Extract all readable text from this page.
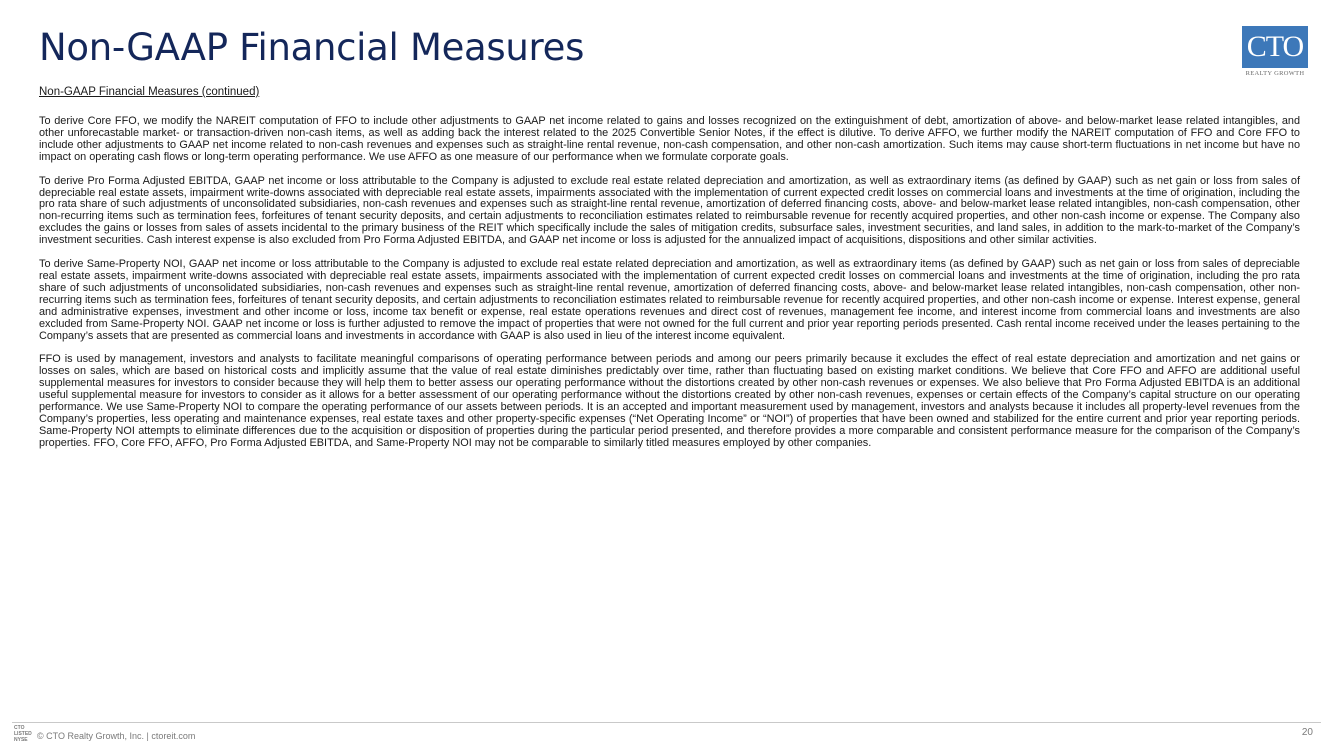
Non-GAAP Financial Measures	CTO
REALTY GROWTH
Non-GAAP Financial Measures (continued)

To derive Core FFO, we modify the NAREIT computation of FFO to include other adjustments to GAAP net income related to gains and losses recognized on the extinguishment of debt, amortization of above- and below-market lease related intangibles, and other unforecastable market- or transaction-driven non-cash items, as well as adding back the interest related to the 2025 Convertible Senior Notes, if the effect is dilutive. To derive AFFO, we further modify the NAREIT computation of FFO and Core FFO to include other adjustments to GAAP net income related to non-cash revenues and expenses such as straight-line rental revenue, non-cash compensation, and other non-cash amortization. Such items may cause short-term fluctuations in net income but have no impact on operating cash flows or long-term operating performance. We use AFFO as one measure of our performance when we formulate corporate goals.

To derive Pro Forma Adjusted EBITDA, GAAP net income or loss attributable to the Company is adjusted to exclude real estate related depreciation and amortization, as well as extraordinary items (as defined by GAAP) such as net gain or loss from sales of depreciable real estate assets, impairment write-downs associated with depreciable real estate assets, impairments associated with the implementation of current expected credit losses on commercial loans and investments at the time of origination, including the pro rata share of such adjustments of unconsolidated subsidiaries, non-cash revenues and expenses such as straight-line rental revenue, amortization of deferred financing costs, above- and below-market lease related intangibles, non-cash compensation, other non-recurring items such as termination fees, forfeitures of tenant security deposits, and certain adjustments to reconciliation estimates related to reimbursable revenue for recently acquired properties, and other non-cash income or expense. The Company also excludes the gains or losses from sales of assets incidental to the primary business of the REIT which specifically include the sales of mitigation credits, subsurface sales, investment securities, and land sales, in addition to the mark-to-market of the Company’s investment securities. Cash interest expense is also excluded from Pro Forma Adjusted EBITDA, and GAAP net income or loss is adjusted for the annualized impact of acquisitions, dispositions and other similar activities.

To derive Same-Property NOI, GAAP net income or loss attributable to the Company is adjusted to exclude real estate related depreciation and amortization, as well as extraordinary items (as defined by GAAP) such as net gain or loss from sales of depreciable real estate assets, impairment write-downs associated with depreciable real estate assets, impairments associated with the implementation of current expected credit losses on commercial loans and investments at the time of origination, including the pro rata share of such adjustments of unconsolidated subsidiaries, non-cash revenues and expenses such as straight-line rental revenue, amortization of deferred financing costs, above- and below-market lease related intangibles, non-cash compensation, other non-recurring items such as termination fees, forfeitures of tenant security deposits, and certain adjustments to reconciliation estimates related to reimbursable revenue for recently acquired properties, and other non-cash income or expense. Interest expense, general and administrative expenses, investment and other income or loss, income tax benefit or expense, real estate operations revenues and direct cost of revenues, management fee income, and interest income from commercial loans and investments are also excluded from Same-Property NOI. GAAP net income or loss is further adjusted to remove the impact of properties that were not owned for the full current and prior year reporting periods presented. Cash rental income received under the leases pertaining to the Company’s assets that are presented as commercial loans and investments in accordance with GAAP is also used in lieu of the interest income equivalent.

FFO is used by management, investors and analysts to facilitate meaningful comparisons of operating performance between periods and among our peers primarily because it excludes the effect of real estate depreciation and amortization and net gains or losses on sales, which are based on historical costs and implicitly assume that the value of real estate diminishes predictably over time, rather than fluctuating based on existing market conditions. We believe that Core FFO and AFFO are additional useful supplemental measures for investors to consider because they will help them to better assess our operating performance without the distortions created by other non-cash revenues or expenses. We also believe that Pro Forma Adjusted EBITDA is an additional useful supplemental measure for investors to consider as it allows for a better assessment of our operating performance without the distortions created by other non-cash revenues, expenses or certain effects of the Company’s capital structure on our operating performance. We use Same-Property NOI to compare the operating performance of our assets between periods. It is an accepted and important measurement used by management, investors and analysts because it includes all property-level revenues from the Company’s properties, less operating and maintenance expenses, real estate taxes and other property-specific expenses (“Net Operating Income” or “NOI”) of properties that have been owned and stabilized for the entire current and prior year reporting periods. Same-Property NOI attempts to eliminate differences due to the acquisition or disposition of properties during the particular period presented, and therefore provides a more comparable and consistent performance measure for the comparison of the Company’s properties. FFO, Core FFO, AFFO, Pro Forma Adjusted EBITDA, and Same-Property NOI may not be comparable to similarly titled measures employed by other companies.

CTO
LISTED
NYSE	© CTO Realty Growth, Inc. | ctoreit.com	20
